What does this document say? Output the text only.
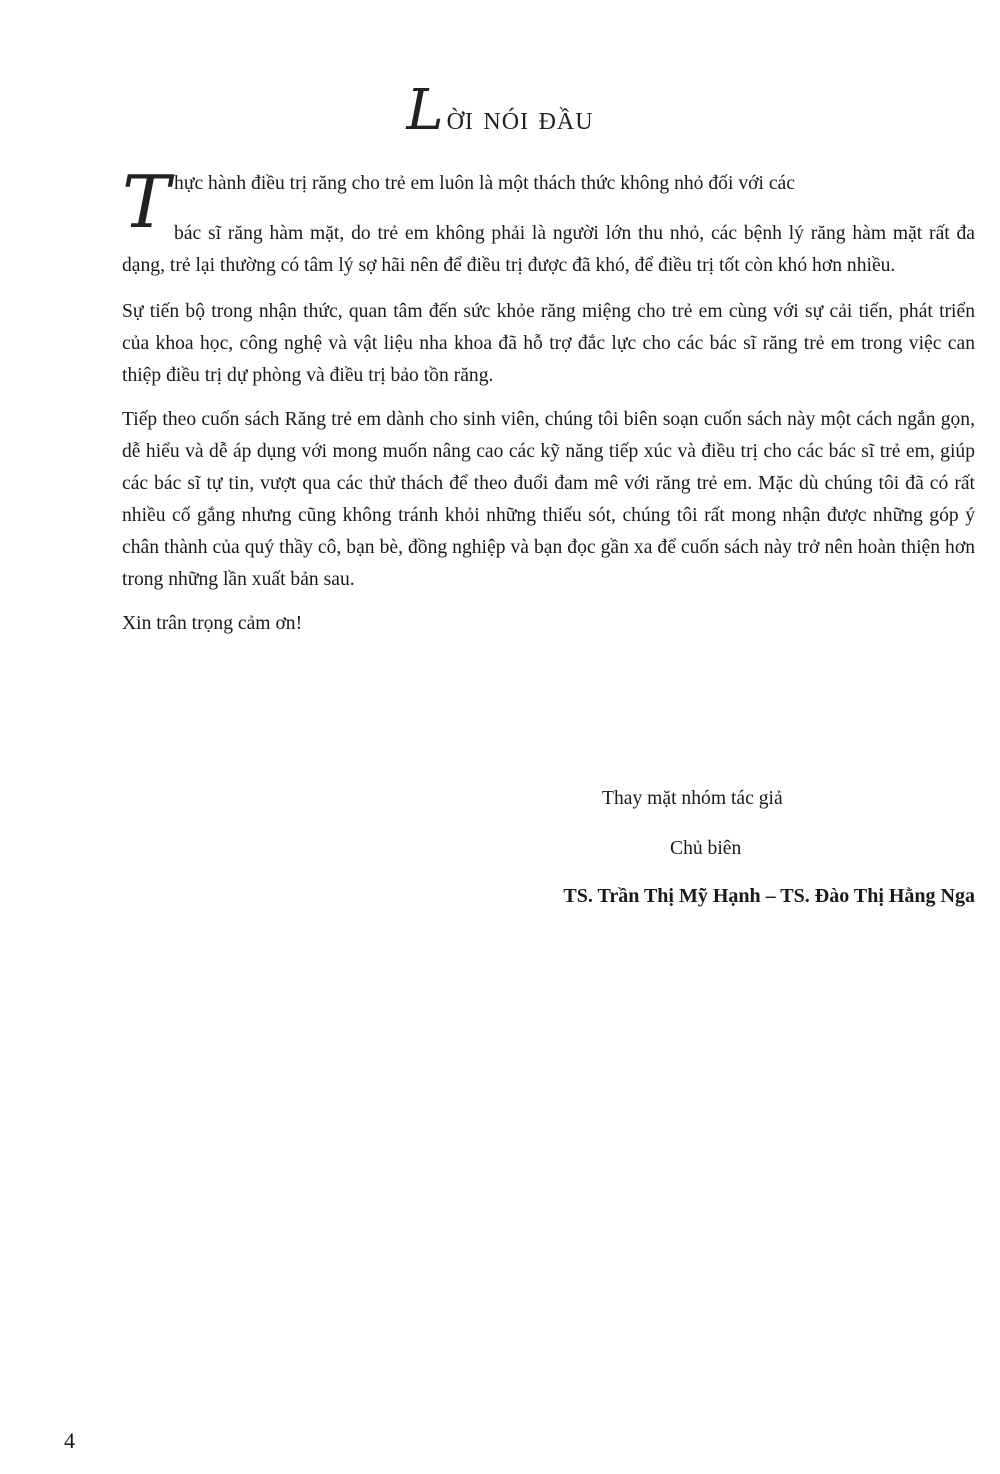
Lời nói đầu
T hực hành điều trị răng cho trẻ em luôn là một thách thức không nhỏ đối với các
bác sĩ răng hàm mặt, do trẻ em không phải là người lớn thu nhỏ, các bệnh lý răng hàm mặt rất đa dạng, trẻ lại thường có tâm lý sợ hãi nên để điều trị được đã khó, để điều trị tốt còn khó hơn nhiều.

Sự tiến bộ trong nhận thức, quan tâm đến sức khỏe răng miệng cho trẻ em cùng với sự cải tiến, phát triển của khoa học, công nghệ và vật liệu nha khoa đã hỗ trợ đắc lực cho các bác sĩ răng trẻ em trong việc can thiệp điều trị dự phòng và điều trị bảo tồn răng.

Tiếp theo cuốn sách Răng trẻ em dành cho sinh viên, chúng tôi biên soạn cuốn sách này một cách ngắn gọn, dễ hiểu và dễ áp dụng với mong muốn nâng cao các kỹ năng tiếp xúc và điều trị cho các bác sĩ trẻ em, giúp các bác sĩ tự tin, vượt qua các thử thách để theo đuổi đam mê với răng trẻ em. Mặc dù chúng tôi đã có rất nhiều cố gắng nhưng cũng không tránh khỏi những thiếu sót, chúng tôi rất mong nhận được những góp ý chân thành của quý thầy cô, bạn bè, đồng nghiệp và bạn đọc gần xa để cuốn sách này trở nên hoàn thiện hơn trong những lần xuất bản sau.

Xin trân trọng cảm ơn!

Thay mặt nhóm tác giả
Chủ biên
TS. Trần Thị Mỹ Hạnh – TS. Đào Thị Hằng Nga
4
